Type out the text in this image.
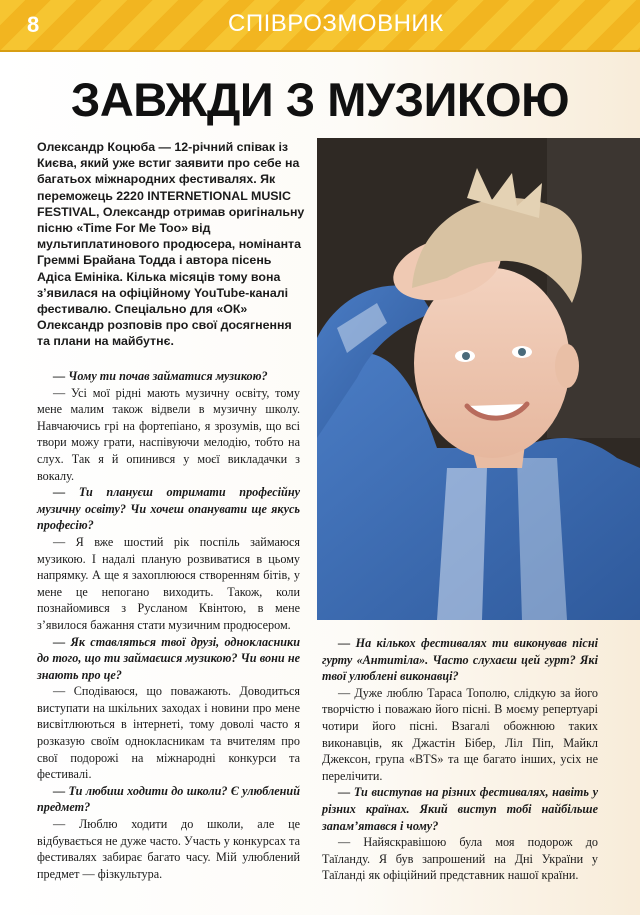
8	СПІВРОЗМОВНИК
ЗАВЖДИ З МУЗИКОЮ

Олександр Коцюба — 12-річний співак із Києва, який уже встиг заявити про себе на багатьох міжнародних фестивалях. Як переможець 2220 INTERNETIONAL MUSIC FESTIVAL, Олександр отримав оригінальну пісню «Time For Me Too» від мультиплатинового продюсера, номінанта Греммі Брайана Тодда і автора пісень Адіса Емініка. Кілька місяців тому вона з’явилася на офіційному YouTube-каналі фестивалю. Спеціально для «ОК» Олександр розповів про свої досягнення та плани на майбутнє.

— Чому ти почав займатися музикою?

— Усі мої рідні мають музичну освіту, тому мене малим також відвели в музичну школу. Навчаючись грі на фортепіано, я зрозумів, що всі твори можу грати, наспівуючи мелодію, тобто на слух. Так я й опинився у моєї викладачки з вокалу.

— Ти плануєш отримати професійну музичну освіту? Чи хочеш опанувати ще якусь професію?

— Я вже шостий рік поспіль займаюся музикою. І надалі планую розвиватися в цьому напрямку. А ще я захоплююся створенням бітів, у мене це непогано виходить. Також, коли познайомився з Русланом Квінтою, в мене з’явилося бажання стати музичним продюсером.

— Як ставляться твої друзі, однокласники до того, що ти займаєшся музикою? Чи вони не знають про це?

— Сподіваюся, що поважають. Доводиться виступати на шкільних заходах і новини про мене висвітлюються в інтернеті, тому доволі часто я розказую своїм однокласникам та вчителям про свої подорожі на міжнародні конкурси та фестивалі.

— Ти любиш ходити до школи? Є улюблений предмет?

— Люблю ходити до школи, але це відбувається не дуже часто. Участь у конкурсах та фестивалях забирає багато часу. Мій улюблений предмет — фізкультура.

— На кількох фестивалях ти виконував пісні гурту «Антитіла». Часто слухаєш цей гурт? Які твої улюблені виконавці?

— Дуже люблю Тараса Тополю, слідкую за його творчістю і поважаю його пісні. В моєму репертуарі чотири його пісні. Взагалі обожнюю таких виконавців, як Джастін Бібер, Ліл Піп, Майкл Джексон, група «BTS» та ще багато інших, усіх не перелічити.

— Ти виступав на різних фестивалях, навіть у різних країнах. Який виступ тобі найбільше запам’ятався і чому?

— Найяскравішою була моя подорож до Таїланду. Я був запрошений на Дні України у Таїланді як офіційний представник нашої країни.
